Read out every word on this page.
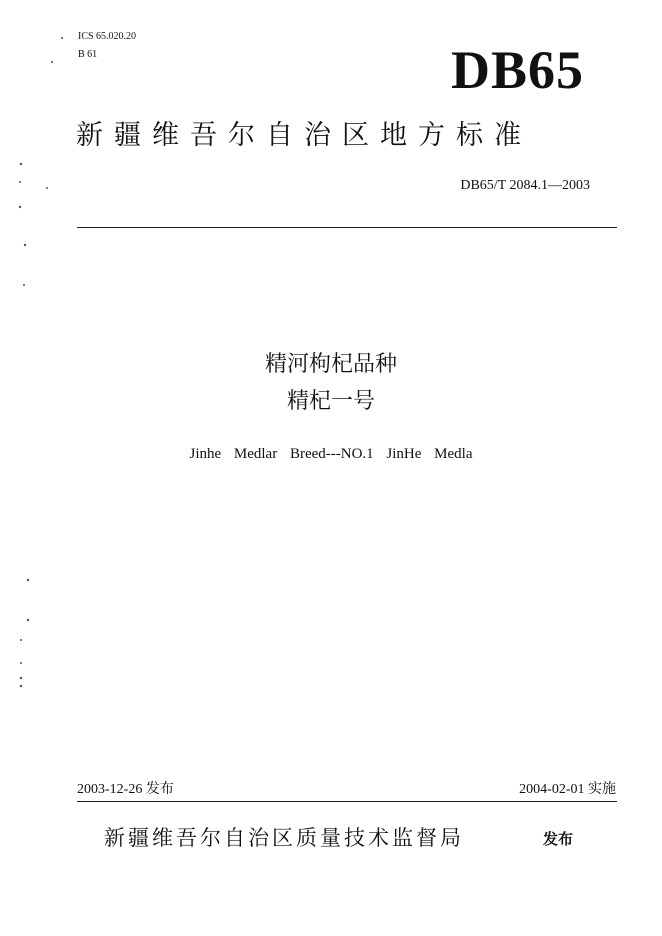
ICS 65.020.20
B 61	DB65
新疆维吾尔自治区地方标准
DB65/T 2084.1—2003
精河枸杞品种
精杞一号
Jinhe Medlar Breed---NO.1 JinHe Medla
2003-12-26 发布	2004-02-01 实施
新疆维吾尔自治区质量技术监督局	发布
